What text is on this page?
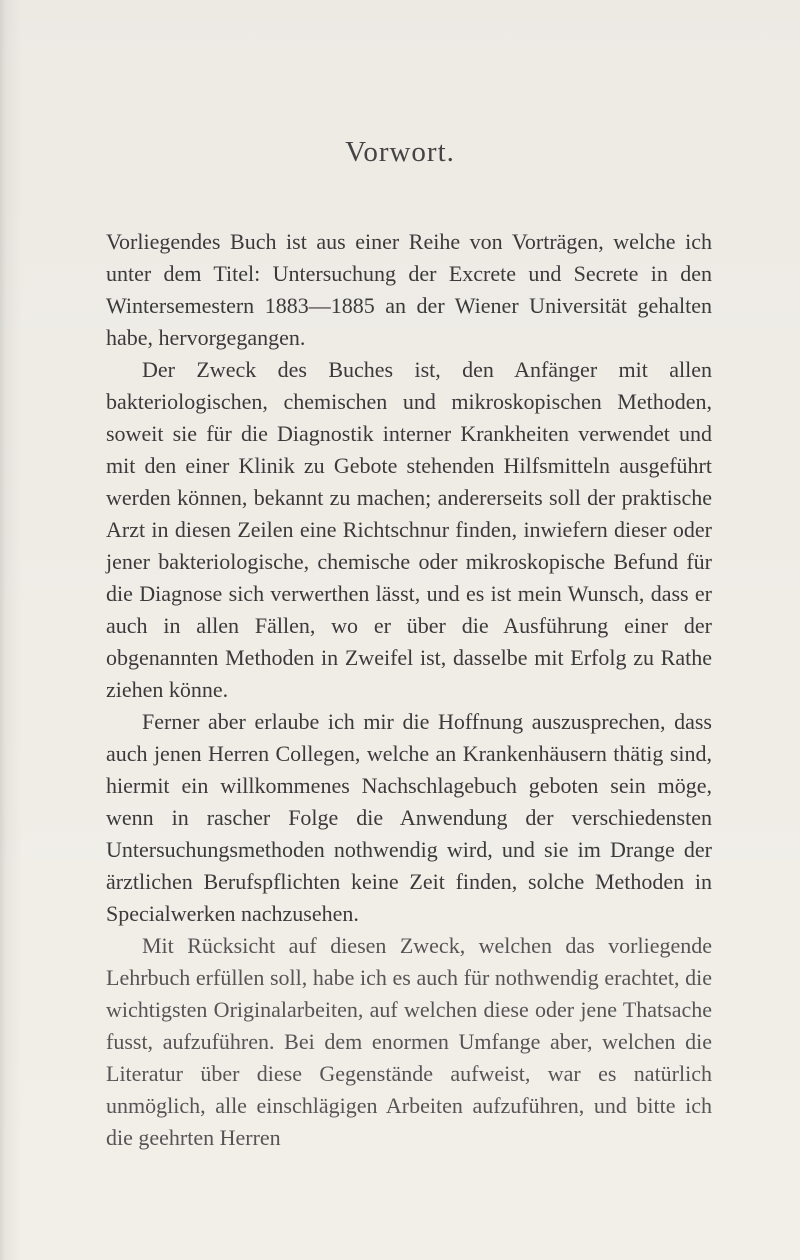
Vorwort.

Vorliegendes Buch ist aus einer Reihe von Vorträgen, welche ich unter dem Titel: Untersuchung der Excrete und Secrete in den Wintersemestern 1883—1885 an der Wiener Universität gehalten habe, hervorgegangen.

Der Zweck des Buches ist, den Anfänger mit allen bakteriologischen, chemischen und mikroskopischen Methoden, soweit sie für die Diagnostik interner Krankheiten verwendet und mit den einer Klinik zu Gebote stehenden Hilfsmitteln ausgeführt werden können, bekannt zu machen; andererseits soll der praktische Arzt in diesen Zeilen eine Richtschnur finden, inwiefern dieser oder jener bakteriologische, chemische oder mikroskopische Befund für die Diagnose sich verwerthen lässt, und es ist mein Wunsch, dass er auch in allen Fällen, wo er über die Ausführung einer der obgenannten Methoden in Zweifel ist, dasselbe mit Erfolg zu Rathe ziehen könne.

Ferner aber erlaube ich mir die Hoffnung auszusprechen, dass auch jenen Herren Collegen, welche an Krankenhäusern thätig sind, hiermit ein willkommenes Nachschlagebuch geboten sein möge, wenn in rascher Folge die Anwendung der verschiedensten Untersuchungsmethoden nothwendig wird, und sie im Drange der ärztlichen Berufspflichten keine Zeit finden, solche Methoden in Specialwerken nachzusehen.

Mit Rücksicht auf diesen Zweck, welchen das vorliegende Lehrbuch erfüllen soll, habe ich es auch für nothwendig erachtet, die wichtigsten Originalarbeiten, auf welchen diese oder jene Thatsache fusst, aufzuführen. Bei dem enormen Umfange aber, welchen die Literatur über diese Gegenstände aufweist, war es natürlich unmöglich, alle einschlägigen Arbeiten aufzuführen, und bitte ich die geehrten Herren
